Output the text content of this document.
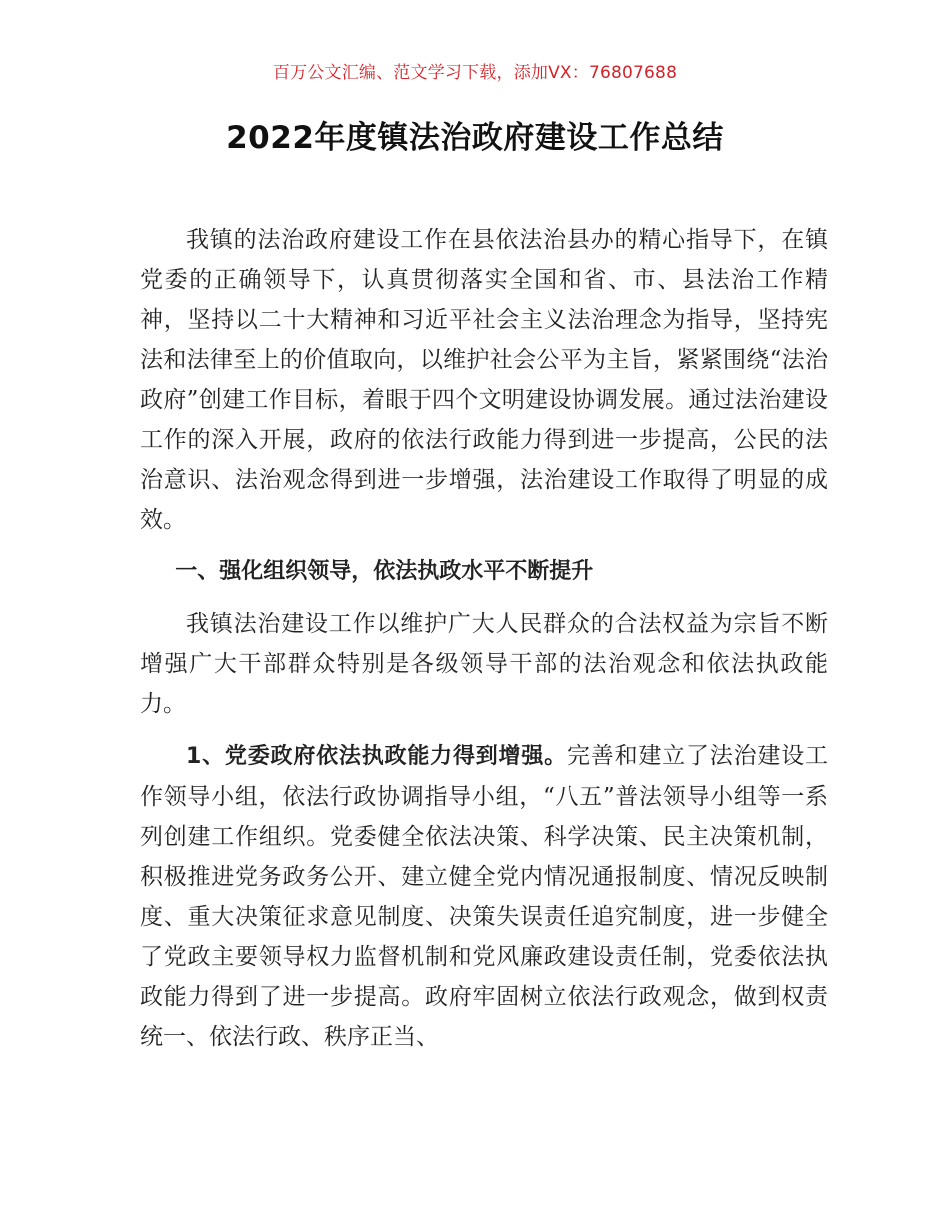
百万公文汇编、范文学习下载，添加VX：76807688
2022年度镇法治政府建设工作总结

我镇的法治政府建设工作在县依法治县办的精心指导下，在镇党委的正确领导下，认真贯彻落实全国和省、市、县法治工作精神，坚持以二十大精神和习近平社会主义法治理念为指导，坚持宪法和法律至上的价值取向，以维护社会公平为主旨，紧紧围绕“法治政府”创建工作目标，着眼于四个文明建设协调发展。通过法治建设工作的深入开展，政府的依法行政能力得到进一步提高，公民的法治意识、法治观念得到进一步增强，法治建设工作取得了明显的成效。

一、强化组织领导，依法执政水平不断提升

我镇法治建设工作以维护广大人民群众的合法权益为宗旨不断增强广大干部群众特别是各级领导干部的法治观念和依法执政能力。

1、党委政府依法执政能力得到增强。完善和建立了法治建设工作领导小组，依法行政协调指导小组，“八五”普法领导小组等一系列创建工作组织。党委健全依法决策、科学决策、民主决策机制，积极推进党务政务公开、建立健全党内情况通报制度、情况反映制度、重大决策征求意见制度、决策失误责任追究制度，进一步健全了党政主要领导权力监督机制和党风廉政建设责任制，党委依法执政能力得到了进一步提高。政府牢固树立依法行政观念，做到权责统一、依法行政、秩序正当、
